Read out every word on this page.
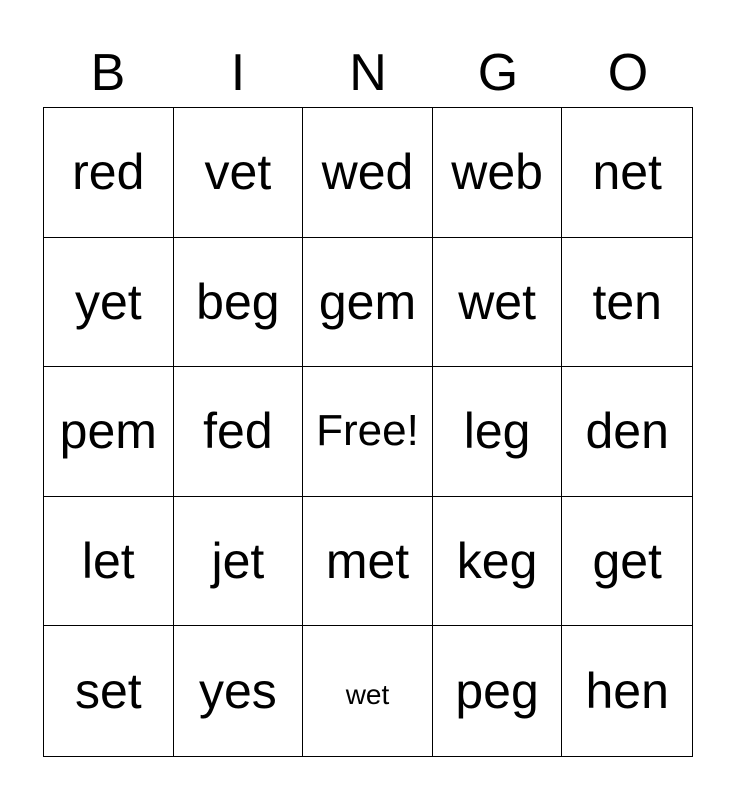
B	I	N	G	O
red	vet	wed web net
yet	beg gem wet	ten
pem fed Free! leg	den
let	jet	met keg	get
set	yes	wet	peg hen
